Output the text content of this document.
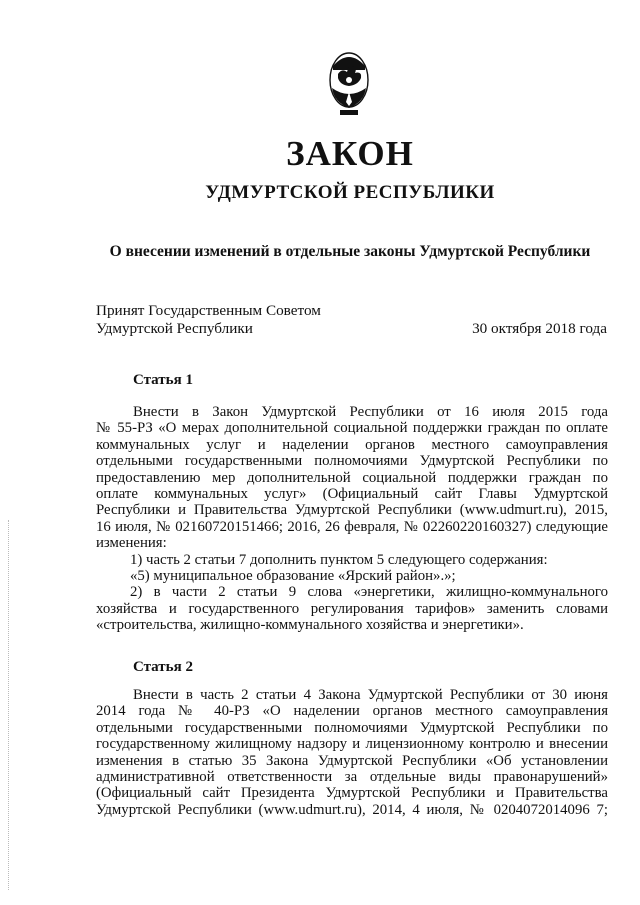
ЗАКОН
УДМУРТСКОЙ РЕСПУБЛИКИ
О внесении изменений в отдельные законы Удмуртской Республики
Принят Государственным Советом
Удмуртской Республики	30 октября 2018 года
Статья 1
Внести в Закон Удмуртской Республики от 16 июля 2015 года
№ 55-РЗ «О мерах дополнительной социальной поддержки граждан по оплате
коммунальных услуг и наделении органов местного самоуправления
отдельными государственными полномочиями Удмуртской Республики по
предоставлению мер дополнительной социальной поддержки граждан по
оплате коммунальных услуг» (Официальный сайт Главы Удмуртской
Республики и Правительства Удмуртской Республики (www.udmurt.ru), 2015,
16 июля, № 02160720151466; 2016, 26 февраля, № 02260220160327) следующие
изменения:
1) часть 2 статьи 7 дополнить пунктом 5 следующего содержания:
«5) муниципальное образование «Ярский район».»;
2) в части 2 статьи 9 слова «энергетики, жилищно-коммунального
хозяйства и государственного регулирования тарифов» заменить словами
«строительства, жилищно-коммунального хозяйства и энергетики».
Статья 2
Внести в часть 2 статьи 4 Закона Удмуртской Республики от 30 июня
2014 года № 40-РЗ «О наделении органов местного самоуправления
отдельными государственными полномочиями Удмуртской Республики по
государственному жилищному надзору и лицензионному контролю и внесении
изменения в статью 35 Закона Удмуртской Республики «Об установлении
административной ответственности за отдельные виды правонарушений»
(Официальный сайт Президента Удмуртской Республики и Правительства
Удмуртской Республики (www.udmurt.ru), 2014, 4 июля, № 0204072014096 7;
